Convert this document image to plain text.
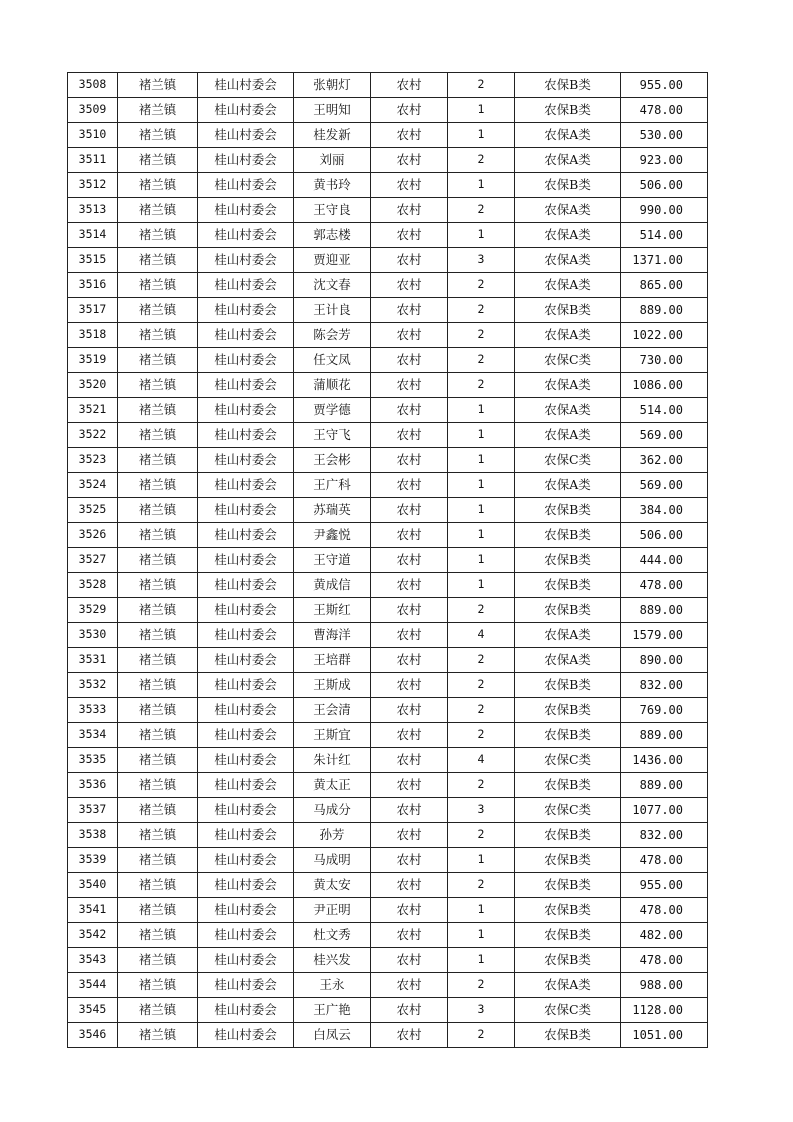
3508	褚兰镇	桂山村委会	张朝灯	农村	2	农保B类	955.00
3509	褚兰镇	桂山村委会	王明知	农村	1	农保B类	478.00
3510	褚兰镇	桂山村委会	桂发新	农村	1	农保A类	530.00
3511	褚兰镇	桂山村委会	刘丽	农村	2	农保A类	923.00
3512	褚兰镇	桂山村委会	黄书玲	农村	1	农保B类	506.00
3513	褚兰镇	桂山村委会	王守良	农村	2	农保A类	990.00
3514	褚兰镇	桂山村委会	郭志楼	农村	1	农保A类	514.00
3515	褚兰镇	桂山村委会	贾迎亚	农村	3	农保A类	1371.00
3516	褚兰镇	桂山村委会	沈文春	农村	2	农保A类	865.00
3517	褚兰镇	桂山村委会	王计良	农村	2	农保B类	889.00
3518	褚兰镇	桂山村委会	陈会芳	农村	2	农保A类	1022.00
3519	褚兰镇	桂山村委会	任文凤	农村	2	农保C类	730.00
3520	褚兰镇	桂山村委会	蒲顺花	农村	2	农保A类	1086.00
3521	褚兰镇	桂山村委会	贾学德	农村	1	农保A类	514.00
3522	褚兰镇	桂山村委会	王守飞	农村	1	农保A类	569.00
3523	褚兰镇	桂山村委会	王会彬	农村	1	农保C类	362.00
3524	褚兰镇	桂山村委会	王广科	农村	1	农保A类	569.00
3525	褚兰镇	桂山村委会	苏瑞英	农村	1	农保B类	384.00
3526	褚兰镇	桂山村委会	尹鑫悦	农村	1	农保B类	506.00
3527	褚兰镇	桂山村委会	王守道	农村	1	农保B类	444.00
3528	褚兰镇	桂山村委会	黄成信	农村	1	农保B类	478.00
3529	褚兰镇	桂山村委会	王斯红	农村	2	农保B类	889.00
3530	褚兰镇	桂山村委会	曹海洋	农村	4	农保A类	1579.00
3531	褚兰镇	桂山村委会	王培群	农村	2	农保A类	890.00
3532	褚兰镇	桂山村委会	王斯成	农村	2	农保B类	832.00
3533	褚兰镇	桂山村委会	王会清	农村	2	农保B类	769.00
3534	褚兰镇	桂山村委会	王斯宜	农村	2	农保B类	889.00
3535	褚兰镇	桂山村委会	朱计红	农村	4	农保C类	1436.00
3536	褚兰镇	桂山村委会	黄太正	农村	2	农保B类	889.00
3537	褚兰镇	桂山村委会	马成分	农村	3	农保C类	1077.00
3538	褚兰镇	桂山村委会	孙芳	农村	2	农保B类	832.00
3539	褚兰镇	桂山村委会	马成明	农村	1	农保B类	478.00
3540	褚兰镇	桂山村委会	黄太安	农村	2	农保B类	955.00
3541	褚兰镇	桂山村委会	尹正明	农村	1	农保B类	478.00
3542	褚兰镇	桂山村委会	杜文秀	农村	1	农保B类	482.00
3543	褚兰镇	桂山村委会	桂兴发	农村	1	农保B类	478.00
3544	褚兰镇	桂山村委会	王永	农村	2	农保A类	988.00
3545	褚兰镇	桂山村委会	王广艳	农村	3	农保C类	1128.00
3546	褚兰镇	桂山村委会	白凤云	农村	2	农保B类	1051.00
